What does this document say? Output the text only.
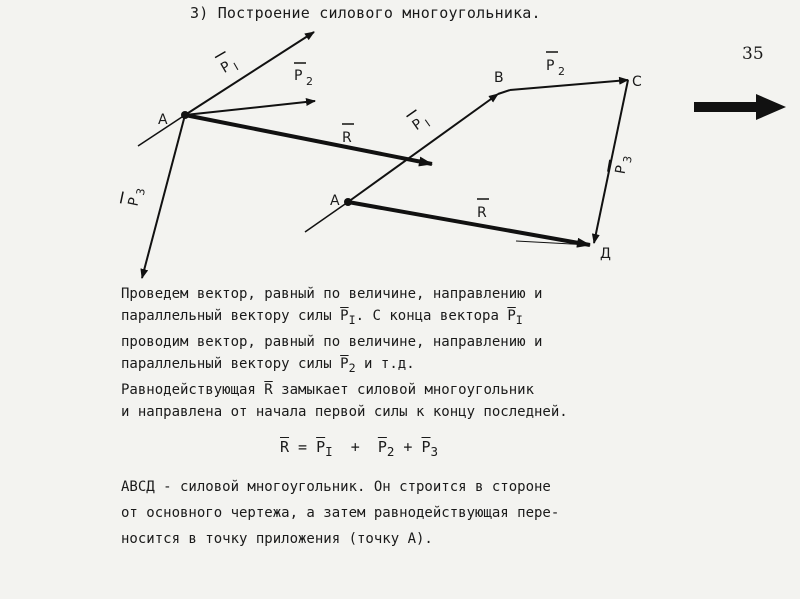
3) Построение силового многоугольника.
35
A
P
I
P 2
P
3
R
A
B	C
Д
P
I
P 2
P
3
R

Проведем вектор, равный по величине, направлению и

параллельный вектору силы $\overline{P}_I$. С конца вектора $\overline{P}_I$

проводим вектор, равный по величине, направлению и

параллельный вектору силы $\overline{P}_2$ и т.д.

Равнодействующая $\overline{R}$ замыкает силовой многоугольник

и направлена от начала первой силы к концу последней.

$\overline{R} = \overline{P}_I + \overline{P}_2 + \overline{P}_3$

АВСД - силовой многоугольник. Он строится в стороне

от основного чертежа, а затем равнодействующая пере-

носится в точку приложения (точку А).
